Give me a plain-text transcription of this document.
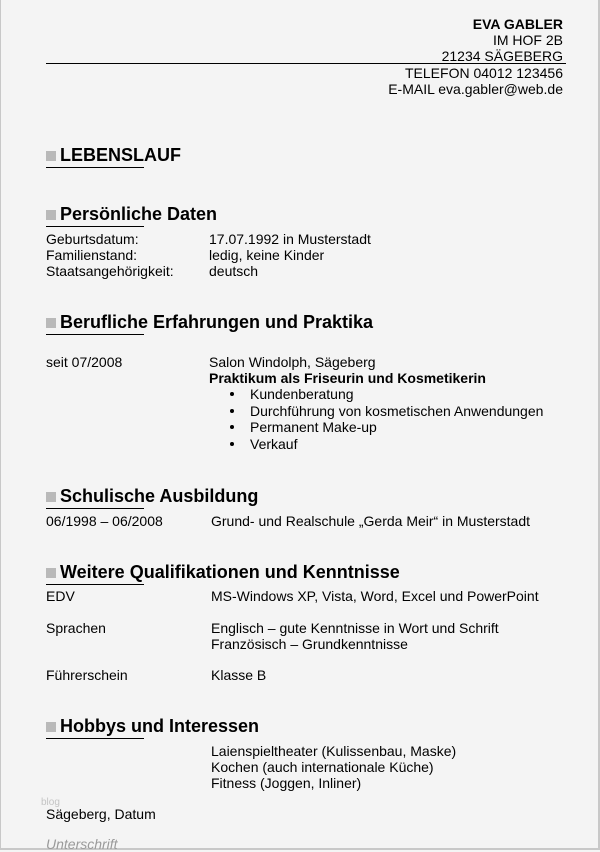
EVA GABLER
IM HOF 2B
21234 SÄGEBERG
TELEFON 04012 123456
E-MAIL eva.gabler@web.de
LEBENSLAUF
Persönliche Daten
Geburtsdatum:	17.07.1992 in Musterstadt
Familienstand:	ledig, keine Kinder
Staatsangehörigkeit:	deutsch
Berufliche Erfahrungen und Praktika
seit 07/2008	Salon Windolph, Sägeberg
Praktikum als Friseurin und Kosmetikerin
Kundenberatung
Durchführung von kosmetischen Anwendungen
Permanent Make-up
Verkauf
Schulische Ausbildung
06/1998 – 06/2008	Grund- und Realschule „Gerda Meir“ in Musterstadt
Weitere Qualifikationen und Kenntnisse
EDV	MS-Windows XP, Vista, Word, Excel und PowerPoint
Sprachen	Englisch – gute Kenntnisse in Wort und Schrift
Französisch – Grundkenntnisse
Führerschein	Klasse B
Hobbys und Interessen
Laienspieltheater (Kulissenbau, Maske)
Kochen (auch internationale Küche)
Fitness (Joggen, Inliner)
blog
Sägeberg, Datum
Unterschrift
